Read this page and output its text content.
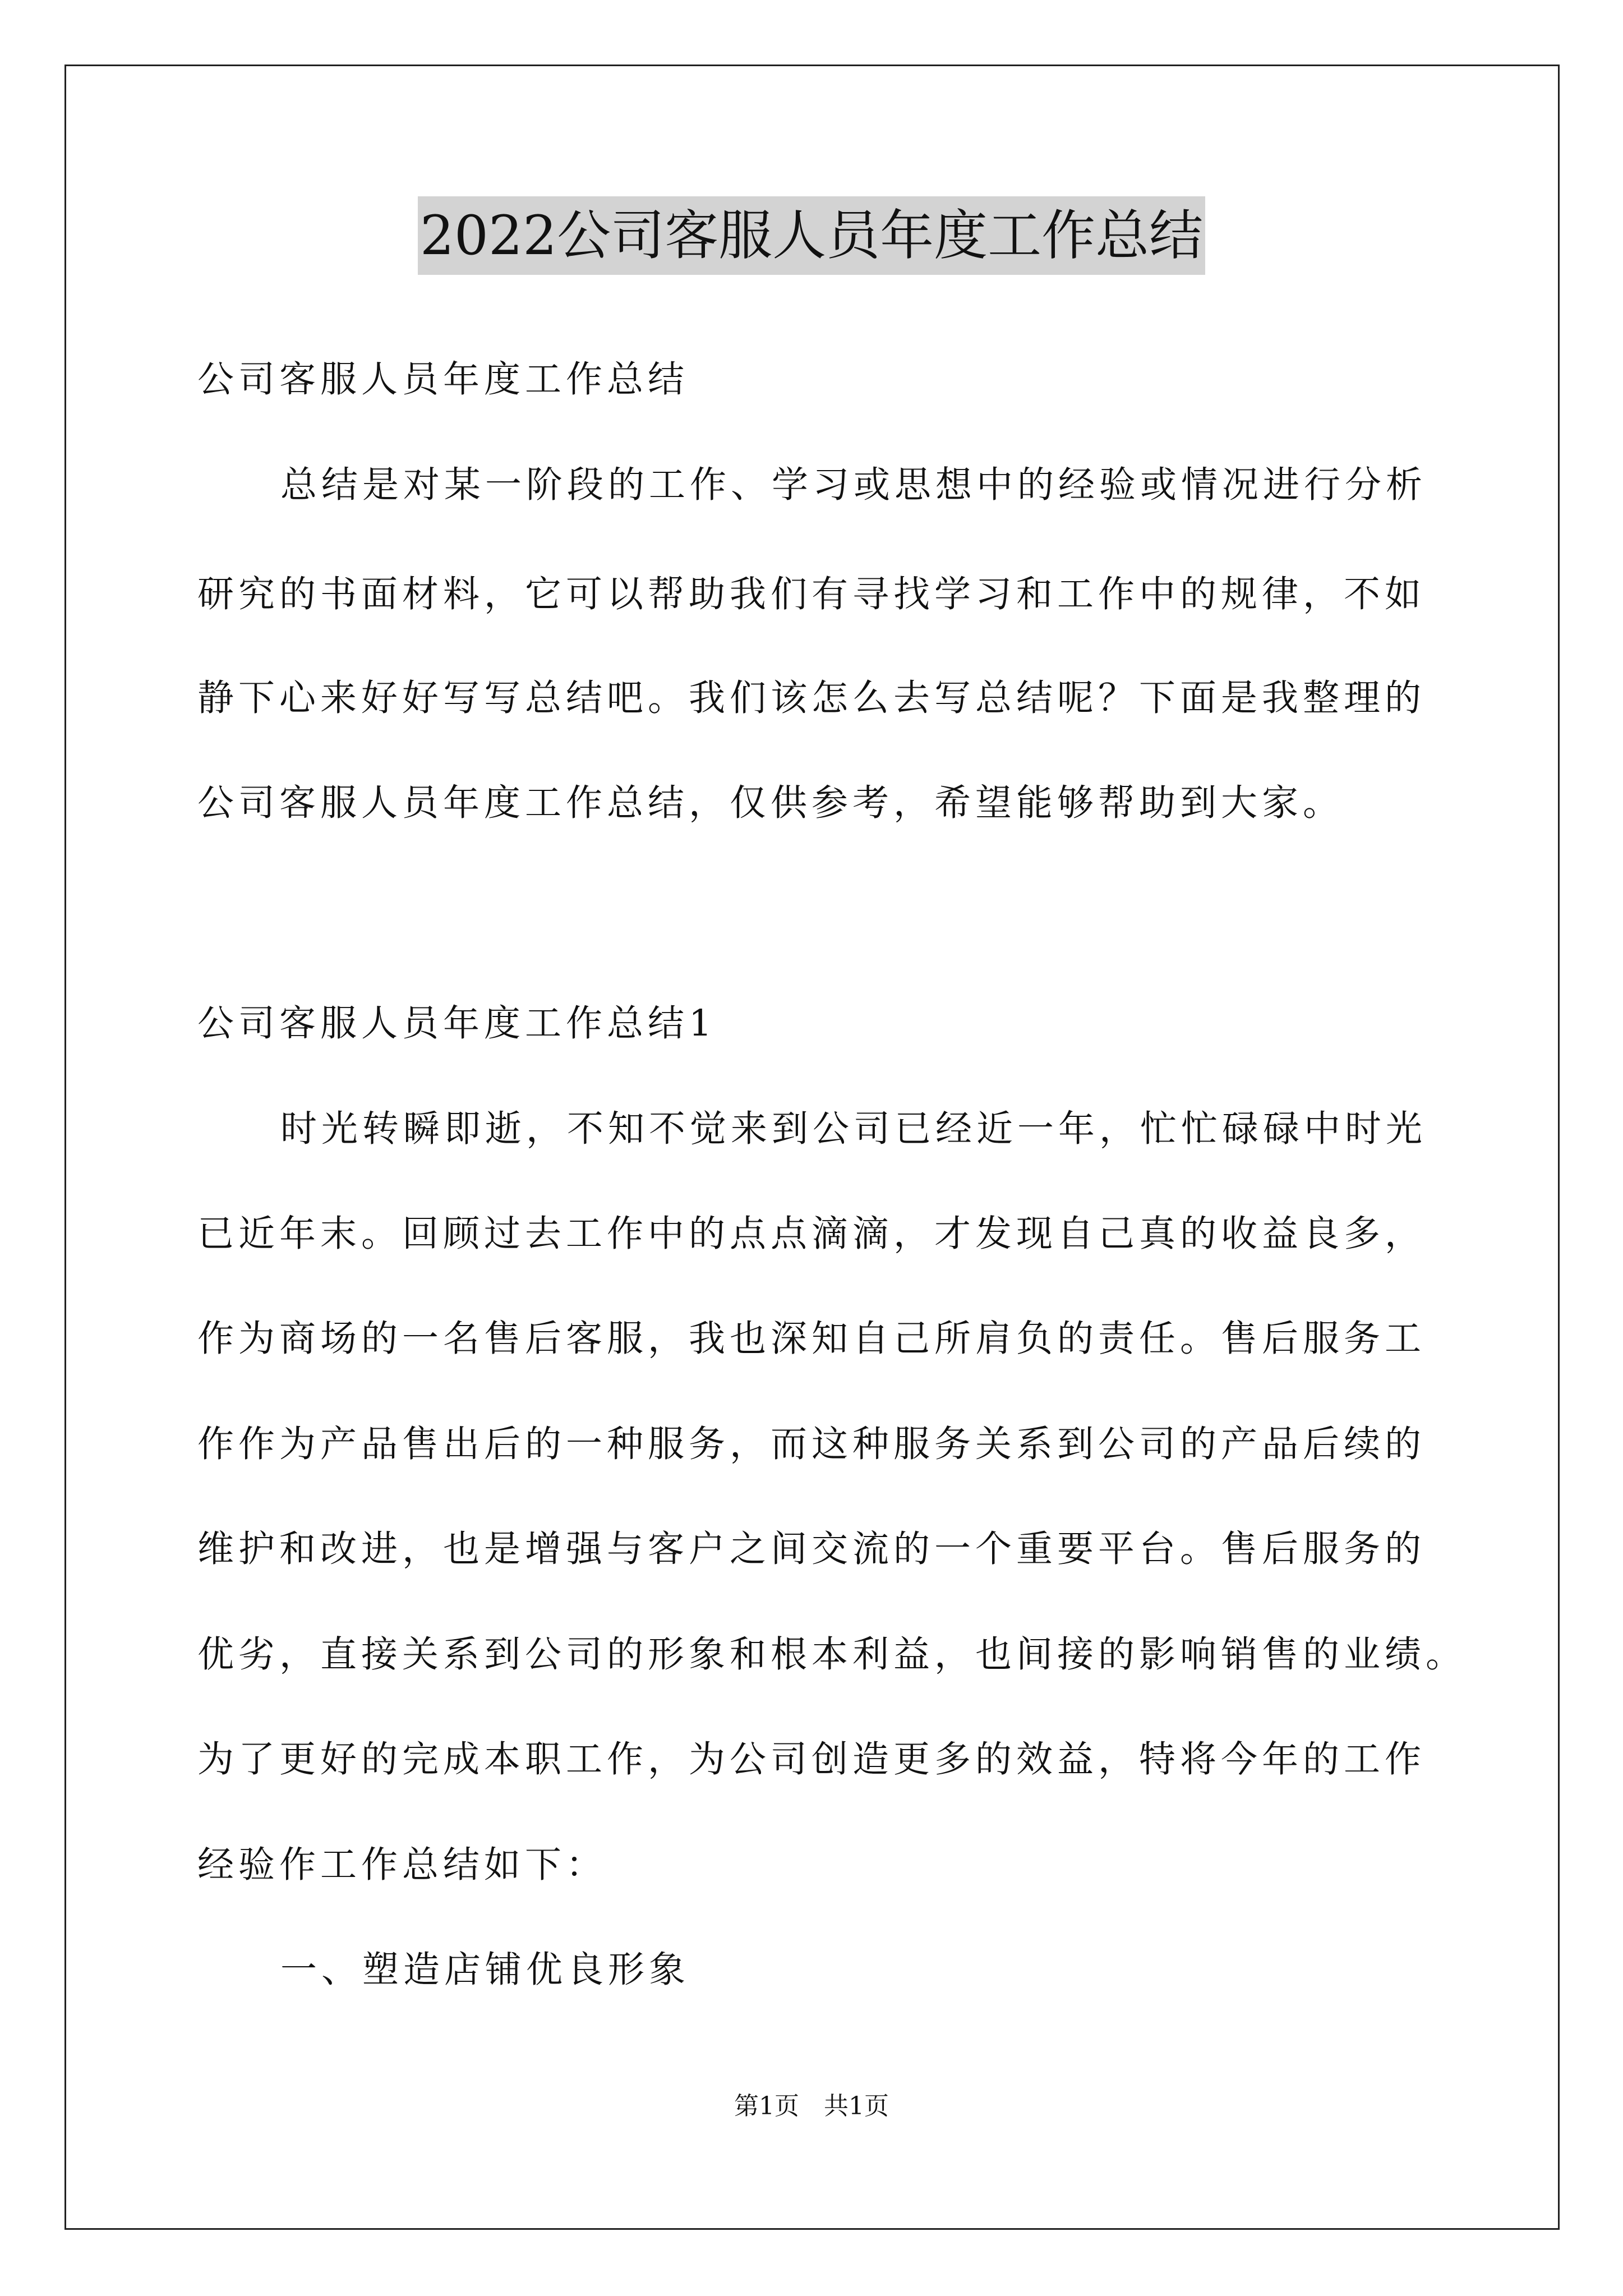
2022公司客服人员年度工作总结
公司客服人员年度工作总结
总结是对某一阶段的工作、学习或思想中的经验或情况进行分析
研究的书面材料，它可以帮助我们有寻找学习和工作中的规律，不如
静下心来好好写写总结吧。我们该怎么去写总结呢？下面是我整理的
公司客服人员年度工作总结，仅供参考，希望能够帮助到大家。
公司客服人员年度工作总结1
时光转瞬即逝，不知不觉来到公司已经近一年，忙忙碌碌中时光
已近年末。回顾过去工作中的点点滴滴，才发现自己真的收益良多，
作为商场的一名售后客服，我也深知自己所肩负的责任。售后服务工
作作为产品售出后的一种服务，而这种服务关系到公司的产品后续的
维护和改进，也是增强与客户之间交流的一个重要平台。售后服务的
优劣，直接关系到公司的形象和根本利益，也间接的影响销售的业绩。
为了更好的完成本职工作，为公司创造更多的效益，特将今年的工作
经验作工作总结如下：
一、塑造店铺优良形象
第1页　共1页
